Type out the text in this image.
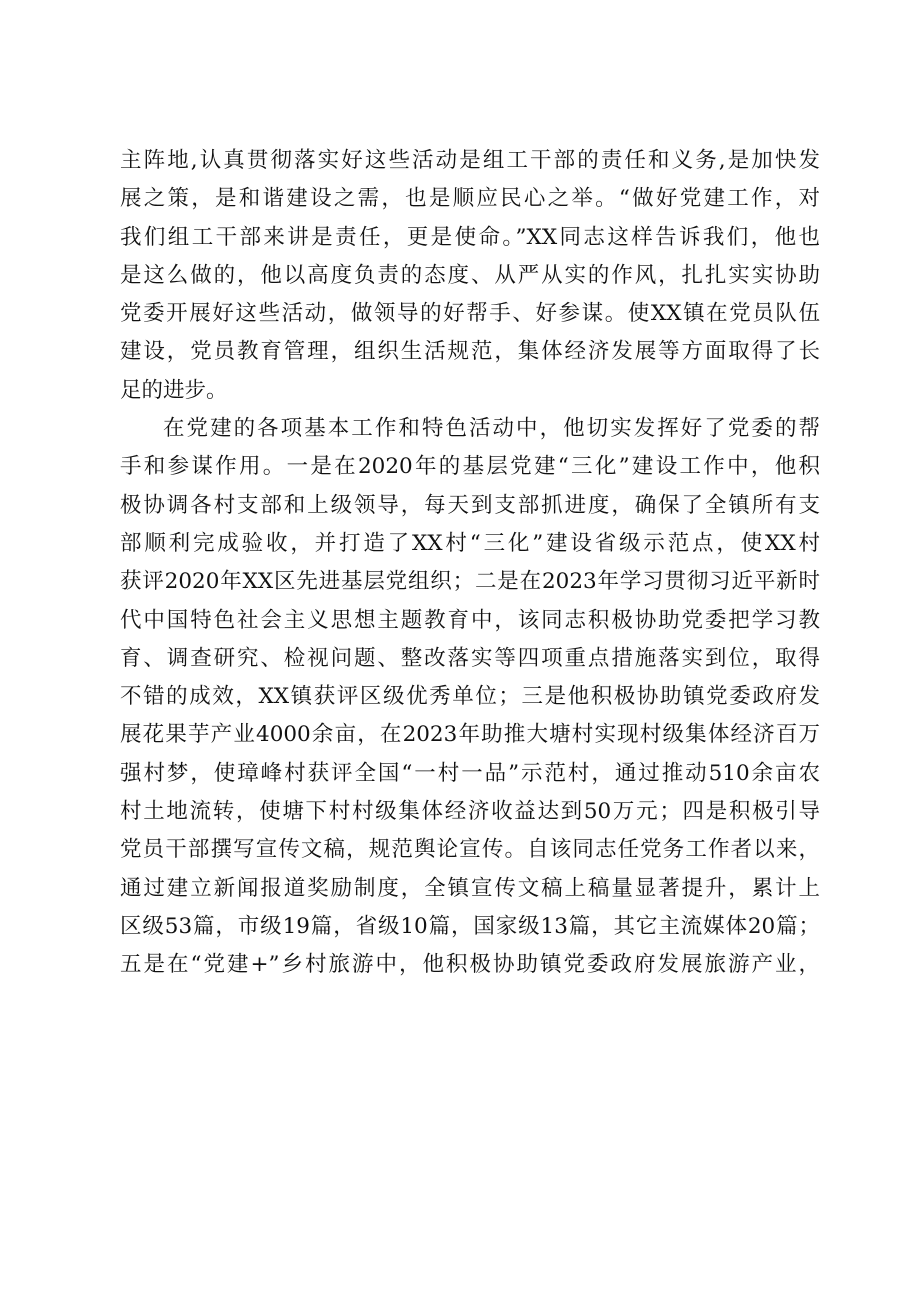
主阵地,认真贯彻落实好这些活动是组工干部的责任和义务,是加快发
展之策，是和谐建设之需，也是顺应民心之举。“做好党建工作，对
我们组工干部来讲是责任，更是使命。”XX同志这样告诉我们，他也
是这么做的，他以高度负责的态度、从严从实的作风，扎扎实实协助
党委开展好这些活动，做领导的好帮手、好参谋。使XX镇在党员队伍
建设，党员教育管理，组织生活规范，集体经济发展等方面取得了长
足的进步。

在党建的各项基本工作和特色活动中，他切实发挥好了党委的帮
手和参谋作用。一是在2020年的基层党建“三化”建设工作中，他积
极协调各村支部和上级领导，每天到支部抓进度，确保了全镇所有支
部顺利完成验收，并打造了XX村“三化”建设省级示范点，使XX村
获评2020年XX区先进基层党组织；二是在2023年学习贯彻习近平新时
代中国特色社会主义思想主题教育中，该同志积极协助党委把学习教
育、调查研究、检视问题、整改落实等四项重点措施落实到位，取得
不错的成效，XX镇获评区级优秀单位；三是他积极协助镇党委政府发
展花果芋产业4000余亩，在2023年助推大塘村实现村级集体经济百万
强村梦，使璋峰村获评全国“一村一品”示范村，通过推动510余亩农
村土地流转，使塘下村村级集体经济收益达到50万元；四是积极引导
党员干部撰写宣传文稿，规范舆论宣传。自该同志任党务工作者以来，
通过建立新闻报道奖励制度，全镇宣传文稿上稿量显著提升，累计上
区级53篇，市级19篇，省级10篇，国家级13篇，其它主流媒体20篇；
五是在“党建+”乡村旅游中，他积极协助镇党委政府发展旅游产业，
